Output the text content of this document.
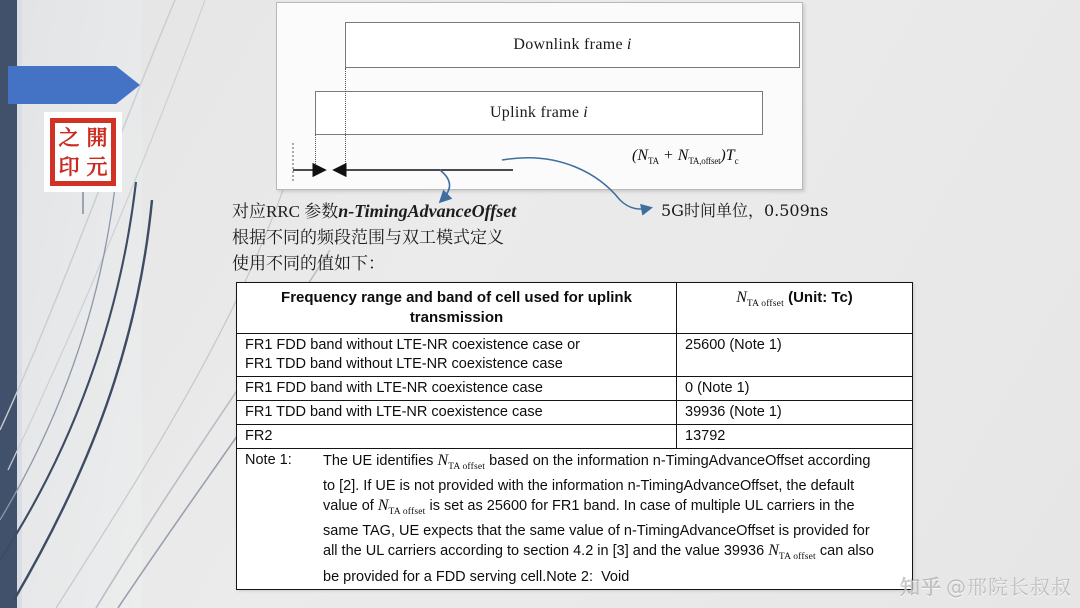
之 開
印 元
Downlink frame i
Uplink frame i
$(N_{TA} + N_{TA,offset})T_c$
对应RRC 参数n-TimingAdvanceOffset
根据不同的频段范围与双工模式定义
使用不同的值如下：
5G时间单位，0.509ns
Frequency range and band of cell used for uplink transmission	$N_{TA offset}$ (Unit: Tc)

FR1 FDD band without LTE-NR coexistence case or
FR1 TDD band without LTE-NR coexistence case	25600 (Note 1)
FR1 FDD band with LTE-NR coexistence case	0 (Note 1)
FR1 TDD band with LTE-NR coexistence case	39936 (Note 1)
FR2	13792
Note 1: The UE identifies $N_{TA offset}$ based on the information n-TimingAdvanceOffset according to [2]. If UE is not provided with the information n-TimingAdvanceOffset, the default value of $N_{TA offset}$ is set as 25600 for FR1 band. In case of multiple UL carriers in the same TAG, UE expects that the same value of n-TimingAdvanceOffset is provided for all the UL carriers according to section 4.2 in [3] and the value 39936 $N_{TA offset}$ can also be provided for a FDD serving cell.Note 2: Void		知乎 @邢院长叔叔
